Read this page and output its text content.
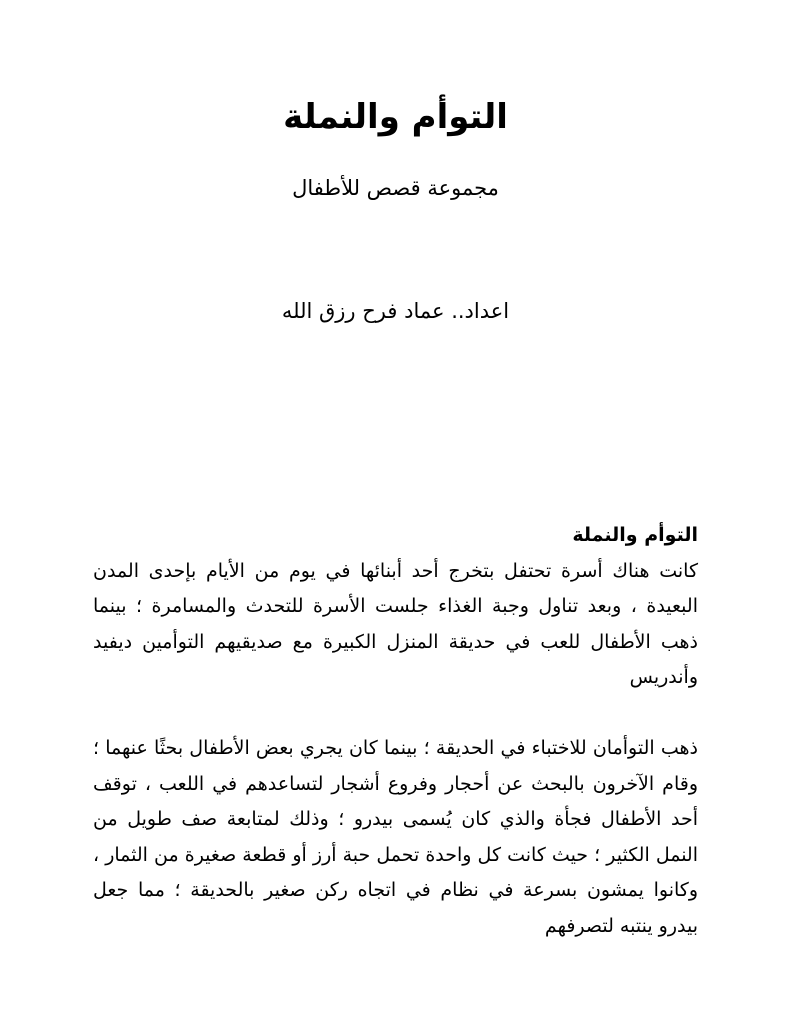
التوأم والنملة
مجموعة قصص للأطفال
اعداد.. عماد فرح رزق الله
التوأم والنملة

كانت هناك أسرة تحتفل بتخرج أحد أبنائها في يوم من الأيام بإحدى المدن البعيدة ، وبعد تناول وجبة الغذاء جلست الأسرة للتحدث والمسامرة ؛ بينما ذهب الأطفال للعب في حديقة المنزل الكبيرة مع صديقيهم التوأمين ديفيد وأندريس

ذهب التوأمان للاختباء في الحديقة ؛ بينما كان يجري بعض الأطفال بحثًا عنهما ؛ وقام الآخرون بالبحث عن أحجار وفروع أشجار لتساعدهم في اللعب ، توقف أحد الأطفال فجأة والذي كان يُسمى بيدرو ؛ وذلك لمتابعة صف طويل من النمل الكثير ؛ حيث كانت كل واحدة تحمل حبة أرز أو قطعة صغيرة من الثمار ، وكانوا يمشون بسرعة في نظام في اتجاه ركن صغير بالحديقة ؛ مما جعل بيدرو ينتبه لتصرفهم
